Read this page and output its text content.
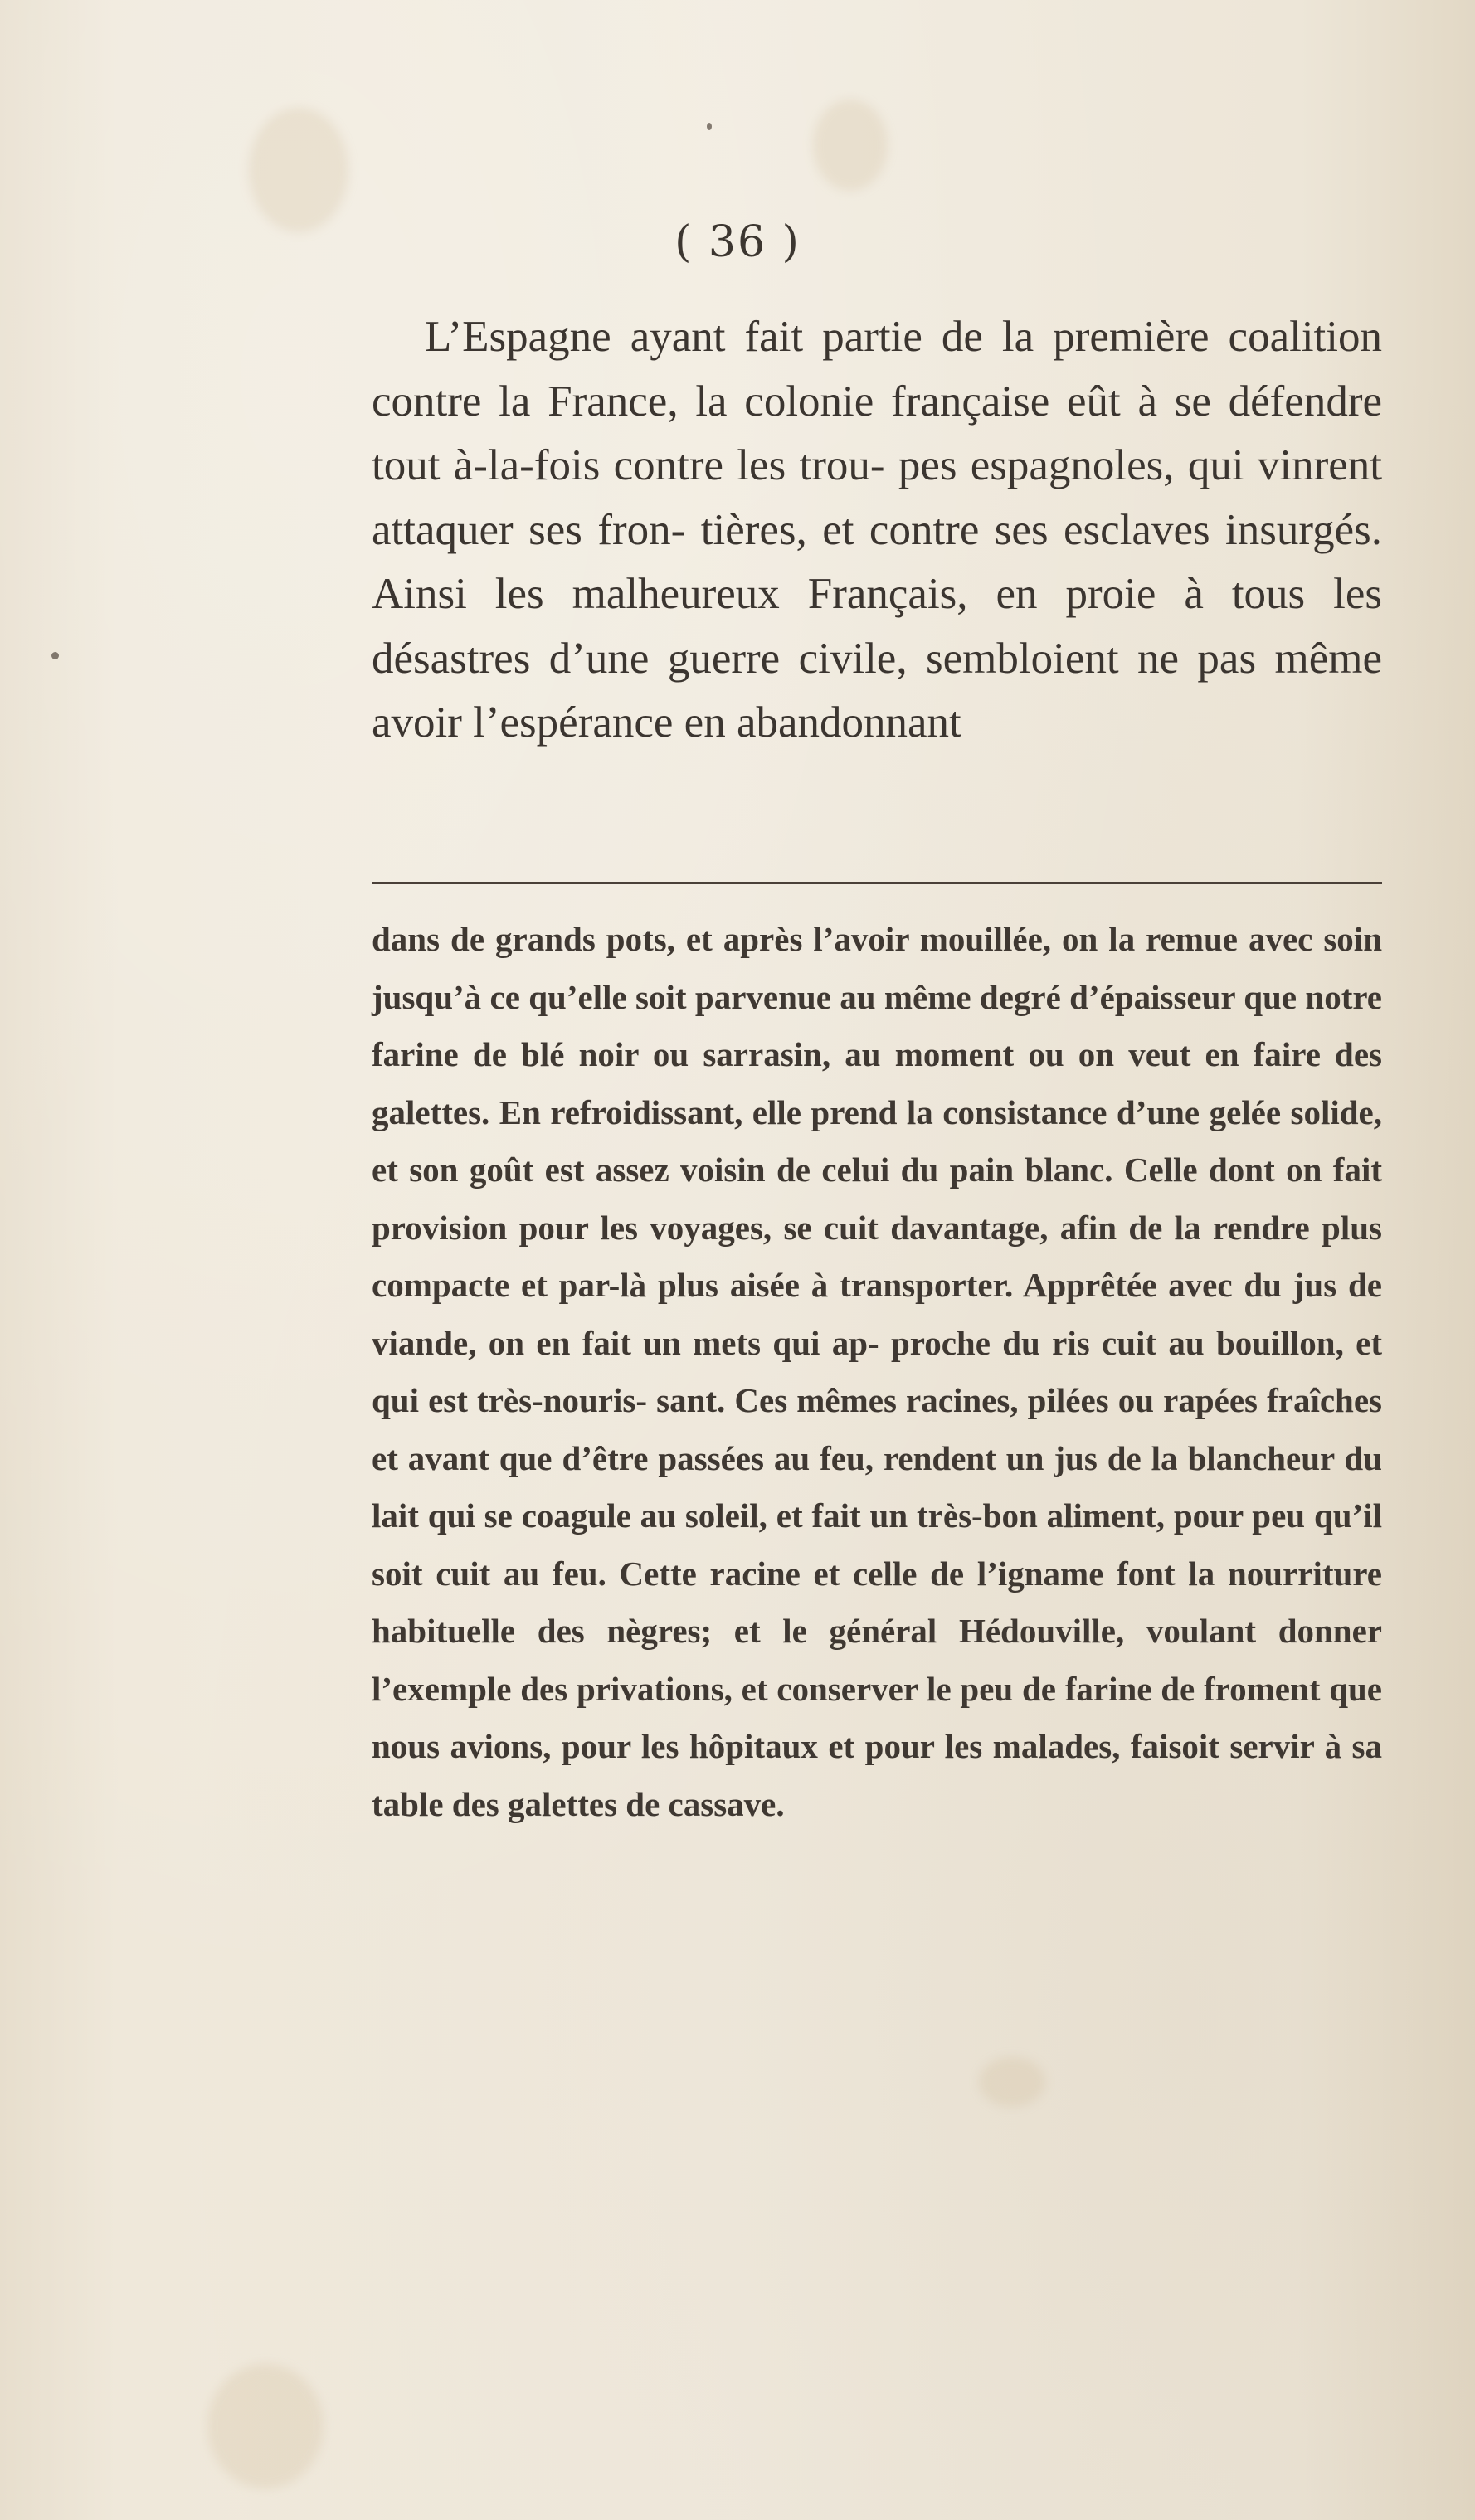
( 36 )

L’Espagne ayant fait partie de la première coalition contre la France, la colonie française eût à se défendre tout à-la-fois contre les trou- pes espagnoles, qui vinrent attaquer ses fron- tières, et contre ses esclaves insurgés. Ainsi les malheureux Français, en proie à tous les désastres d’une guerre civile, sembloient ne pas même avoir l’espérance en abandonnant

dans de grands pots, et après l’avoir mouillée, on la remue avec soin jusqu’à ce qu’elle soit parvenue au même degré d’épaisseur que notre farine de blé noir ou sarrasin, au moment ou on veut en faire des galettes. En refroidissant, elle prend la consistance d’une gelée solide, et son goût est assez voisin de celui du pain blanc. Celle dont on fait provision pour les voyages, se cuit davantage, afin de la rendre plus compacte et par-là plus aisée à transporter. Apprêtée avec du jus de viande, on en fait un mets qui ap- proche du ris cuit au bouillon, et qui est très-nouris- sant. Ces mêmes racines, pilées ou rapées fraîches et avant que d’être passées au feu, rendent un jus de la blancheur du lait qui se coagule au soleil, et fait un très-bon aliment, pour peu qu’il soit cuit au feu. Cette racine et celle de l’igname font la nourriture habituelle des nègres; et le général Hédouville, voulant donner l’exemple des privations, et conserver le peu de farine de froment que nous avions, pour les hôpitaux et pour les malades, faisoit servir à sa table des galettes de cassave.
